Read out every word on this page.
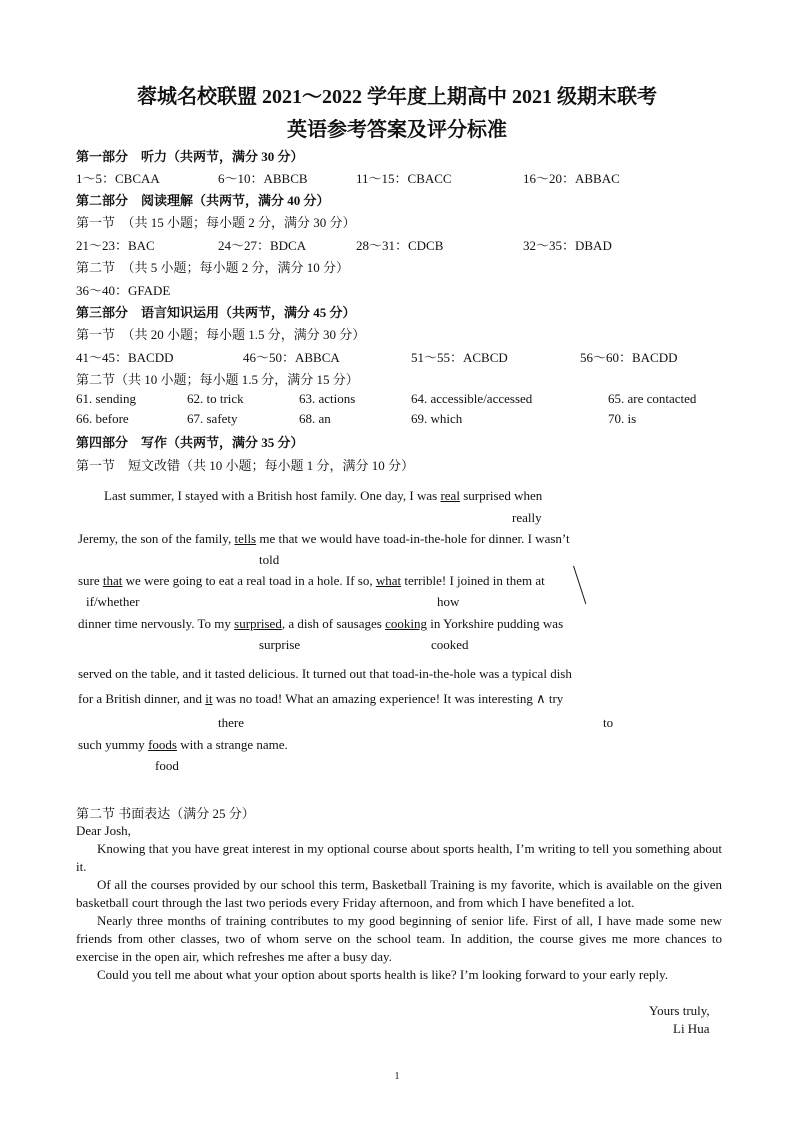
蓉城名校联盟 2021～2022 学年度上期高中 2021 级期末联考
英语参考答案及评分标准
第一部分　听力（共两节，满分 30 分）
1～5：CBCAA	6～10：ABBCB	11～15：CBACC	16～20：ABBAC
第二部分　阅读理解（共两节，满分 40 分）
第一节　（共 15 小题；每小题 2 分，满分 30 分）
21～23：BAC	24～27：BDCA	28～31：CDCB	32～35：DBAD
第二节　（共 5 小题；每小题 2 分，满分 10 分）
36～40：GFADE
第三部分　语言知识运用（共两节，满分 45 分）
第一节　（共 20 小题；每小题 1.5 分，满分 30 分）
41～45：BACDD	46～50：ABBCA	51～55：ACBCD	56～60：BACDD
第二节（共 10 小题；每小题 1.5 分，满分 15 分）
61. sending	62. to trick	63. actions	64. accessible/accessed	65. are contacted
66. before	67. safety	68. an	69. which	70. is
第四部分　写作（共两节，满分 35 分）
第一节　短文改错（共 10 小题；每小题 1 分，满分 10 分）
Last summer, I stayed with a British host family. One day, I was real surprised when
really
Jeremy, the son of the family, tells me that we would have toad-in-the-hole for dinner. I wasn’t
told
sure that we were going to eat a real toad in a hole. If so, what terrible! I joined in them at
if/whether	how
dinner time nervously. To my surprised, a dish of sausages cooking in Yorkshire pudding was
surprise	cooked
served on the table, and it tasted delicious. It turned out that toad-in-the-hole was a typical dish
for a British dinner, and it was no toad! What an amazing experience! It was interesting ∧ try
there	to
such yummy foods with a strange name.
food
第二节 书面表达（满分 25 分）

Dear Josh,

Knowing that you have great interest in my optional course about sports health, I’m writing to tell you something about it.

Of all the courses provided by our school this term, Basketball Training is my favorite, which is available on the given basketball court through the last two periods every Friday afternoon, and from which I have benefited a lot.

Nearly three months of training contributes to my good beginning of senior life. First of all, I have made some new friends from other classes, two of whom serve on the school team. In addition, the course gives me more chances to exercise in the open air, which refreshes me after a busy day.

Could you tell me about what your option about sports health is like? I’m looking forward to your early reply.

Yours truly,
Li Hua
1
